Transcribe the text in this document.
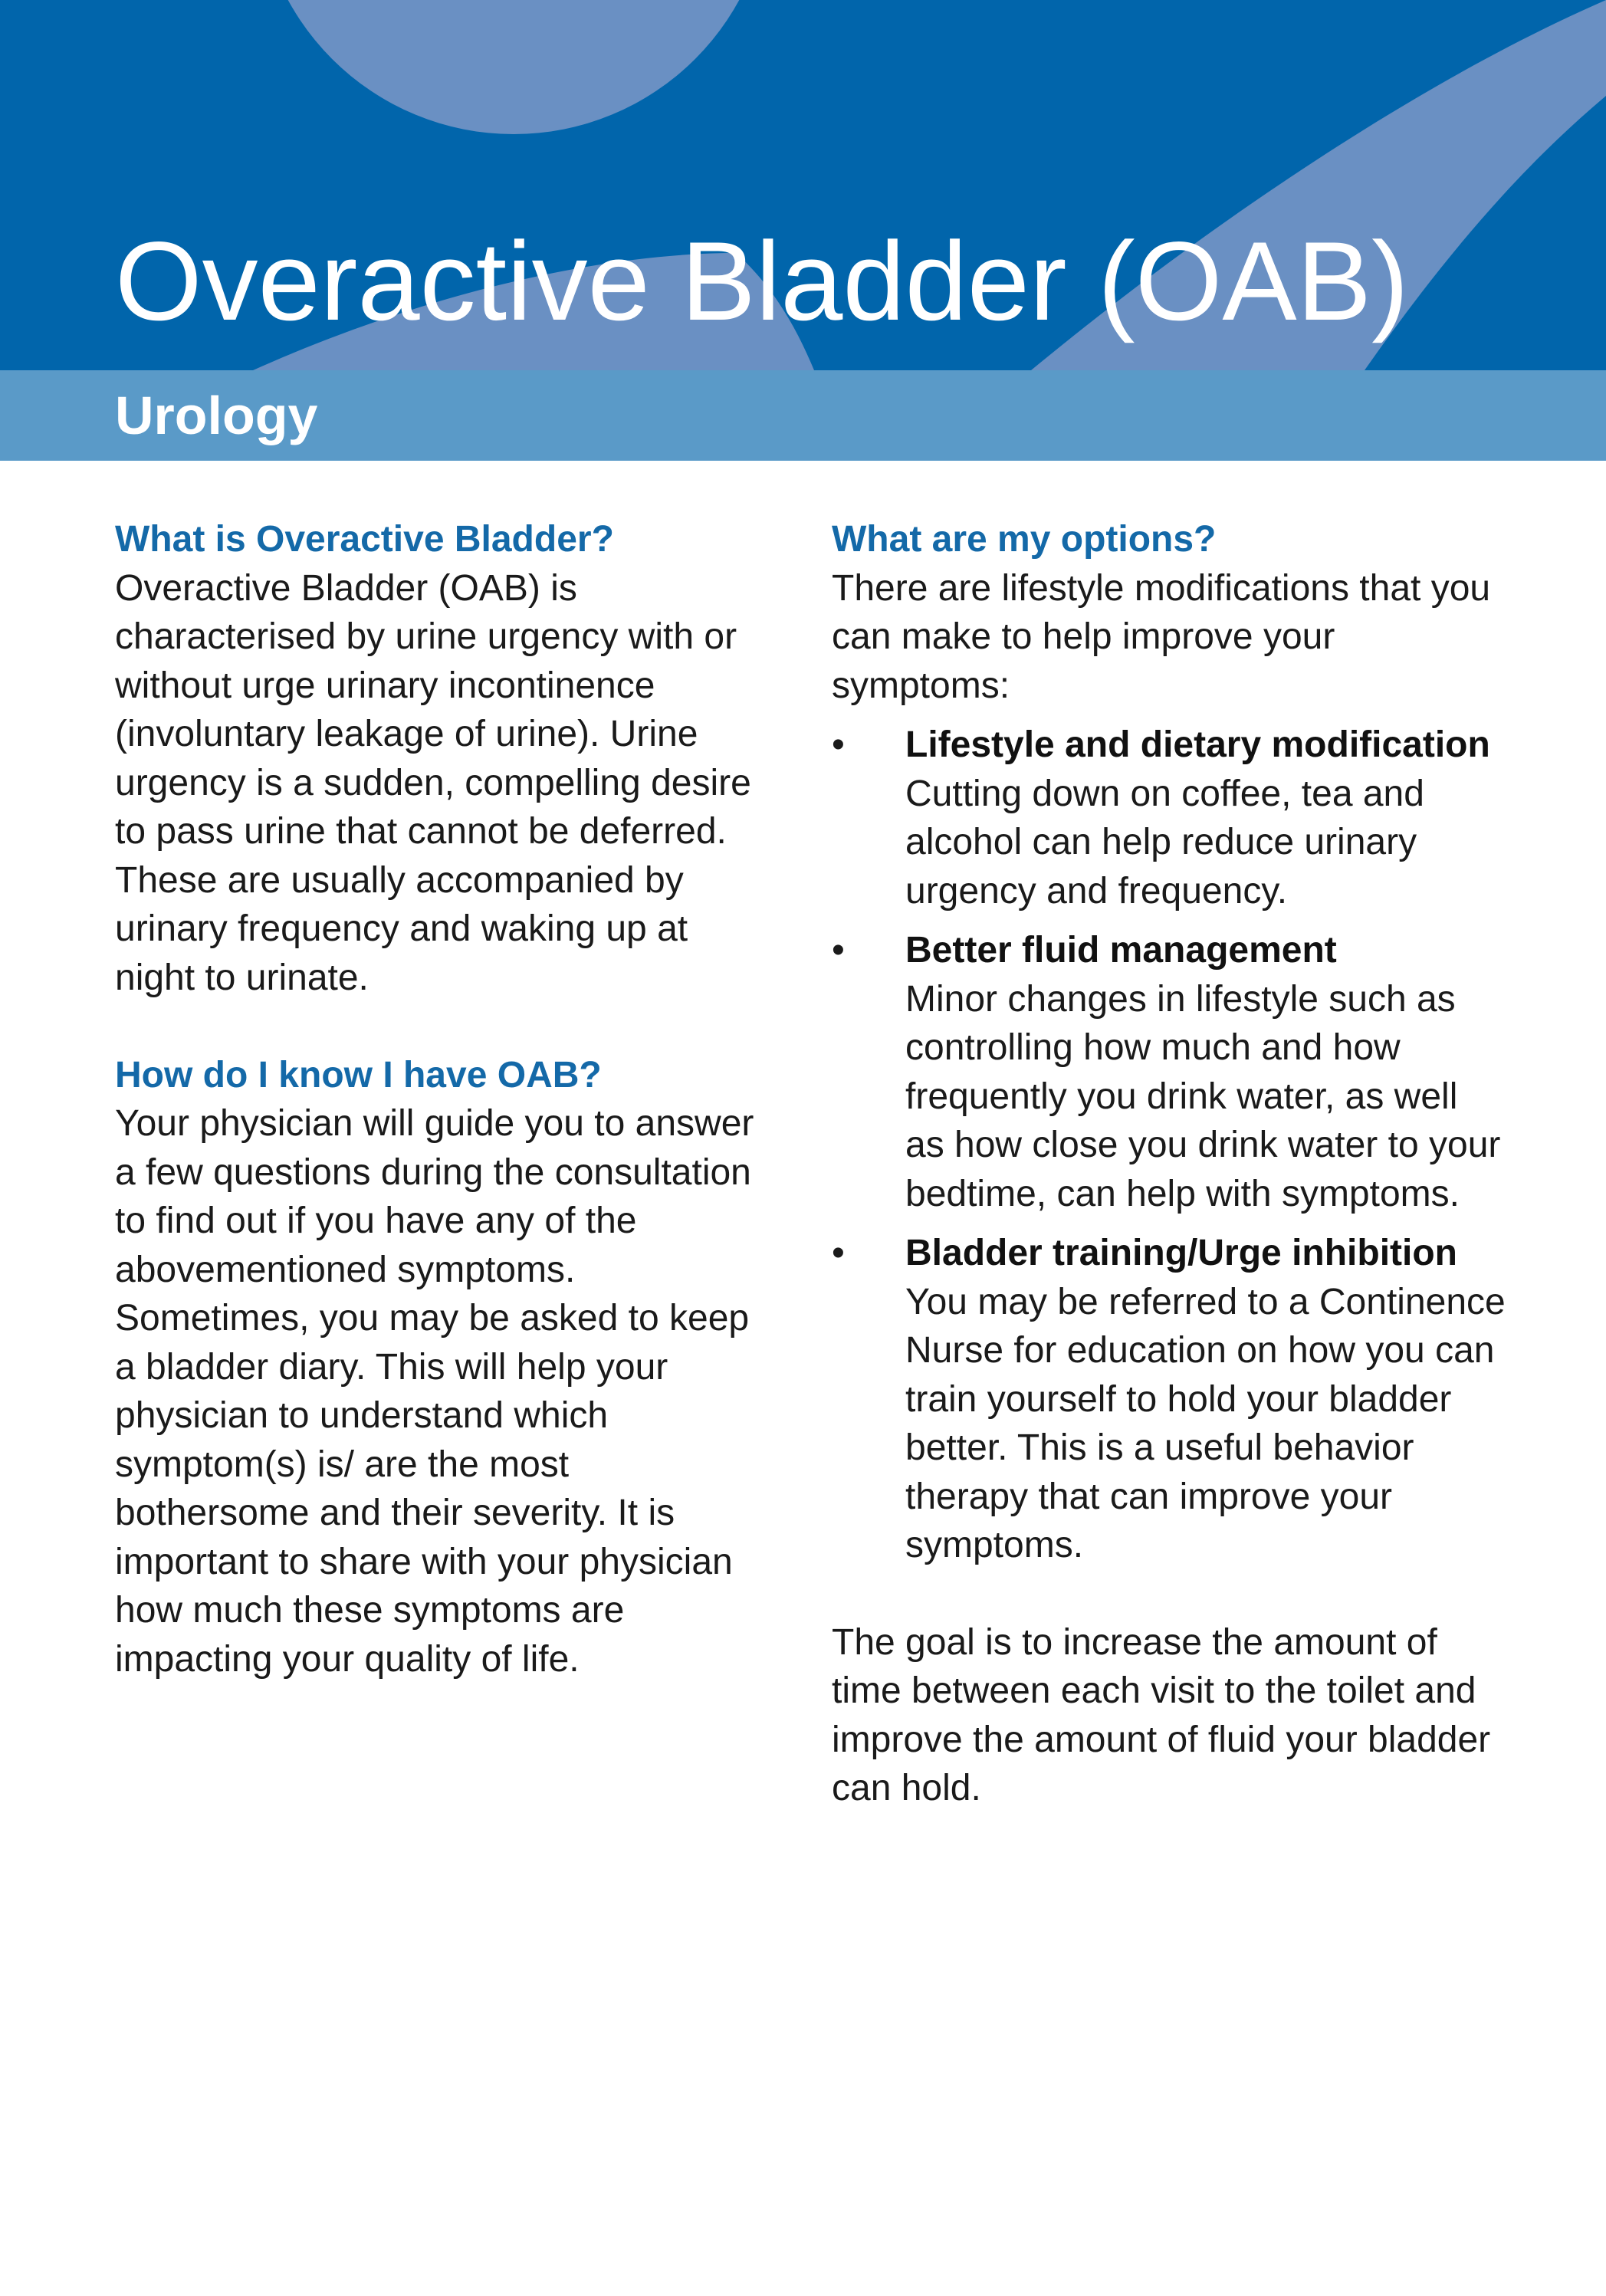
Overactive Bladder (OAB)
Urology
What is Overactive Bladder?

Overactive Bladder (OAB) is characterised by urine urgency with or without urge urinary incontinence (involuntary leakage of urine). Urine urgency is a sudden, compelling desire to pass urine that cannot be deferred. These are usually accompanied by urinary frequency and waking up at night to urinate.

How do I know I have OAB?

Your physician will guide you to answer a few questions during the consultation to find out if you have any of the abovementioned symptoms. Sometimes, you may be asked to keep a bladder diary. This will help your physician to understand which symptom(s) is/ are the most bothersome and their severity. It is important to share with your physician how much these symptoms are impacting your quality of life.

What are my options?

There are lifestyle modifications that you can make to help improve your symptoms:

•	Lifestyle and dietary modification
Cutting down on coffee, tea and alcohol can help reduce urinary urgency and frequency.
•	Better fluid management
Minor changes in lifestyle such as controlling how much and how frequently you drink water, as well as how close you drink water to your bedtime, can help with symptoms.
•	Bladder training/Urge inhibition
You may be referred to a Continence Nurse for education on how you can train yourself to hold your bladder better. This is a useful behavior therapy that can improve your symptoms.

The goal is to increase the amount of time between each visit to the toilet and improve the amount of fluid your bladder can hold.
